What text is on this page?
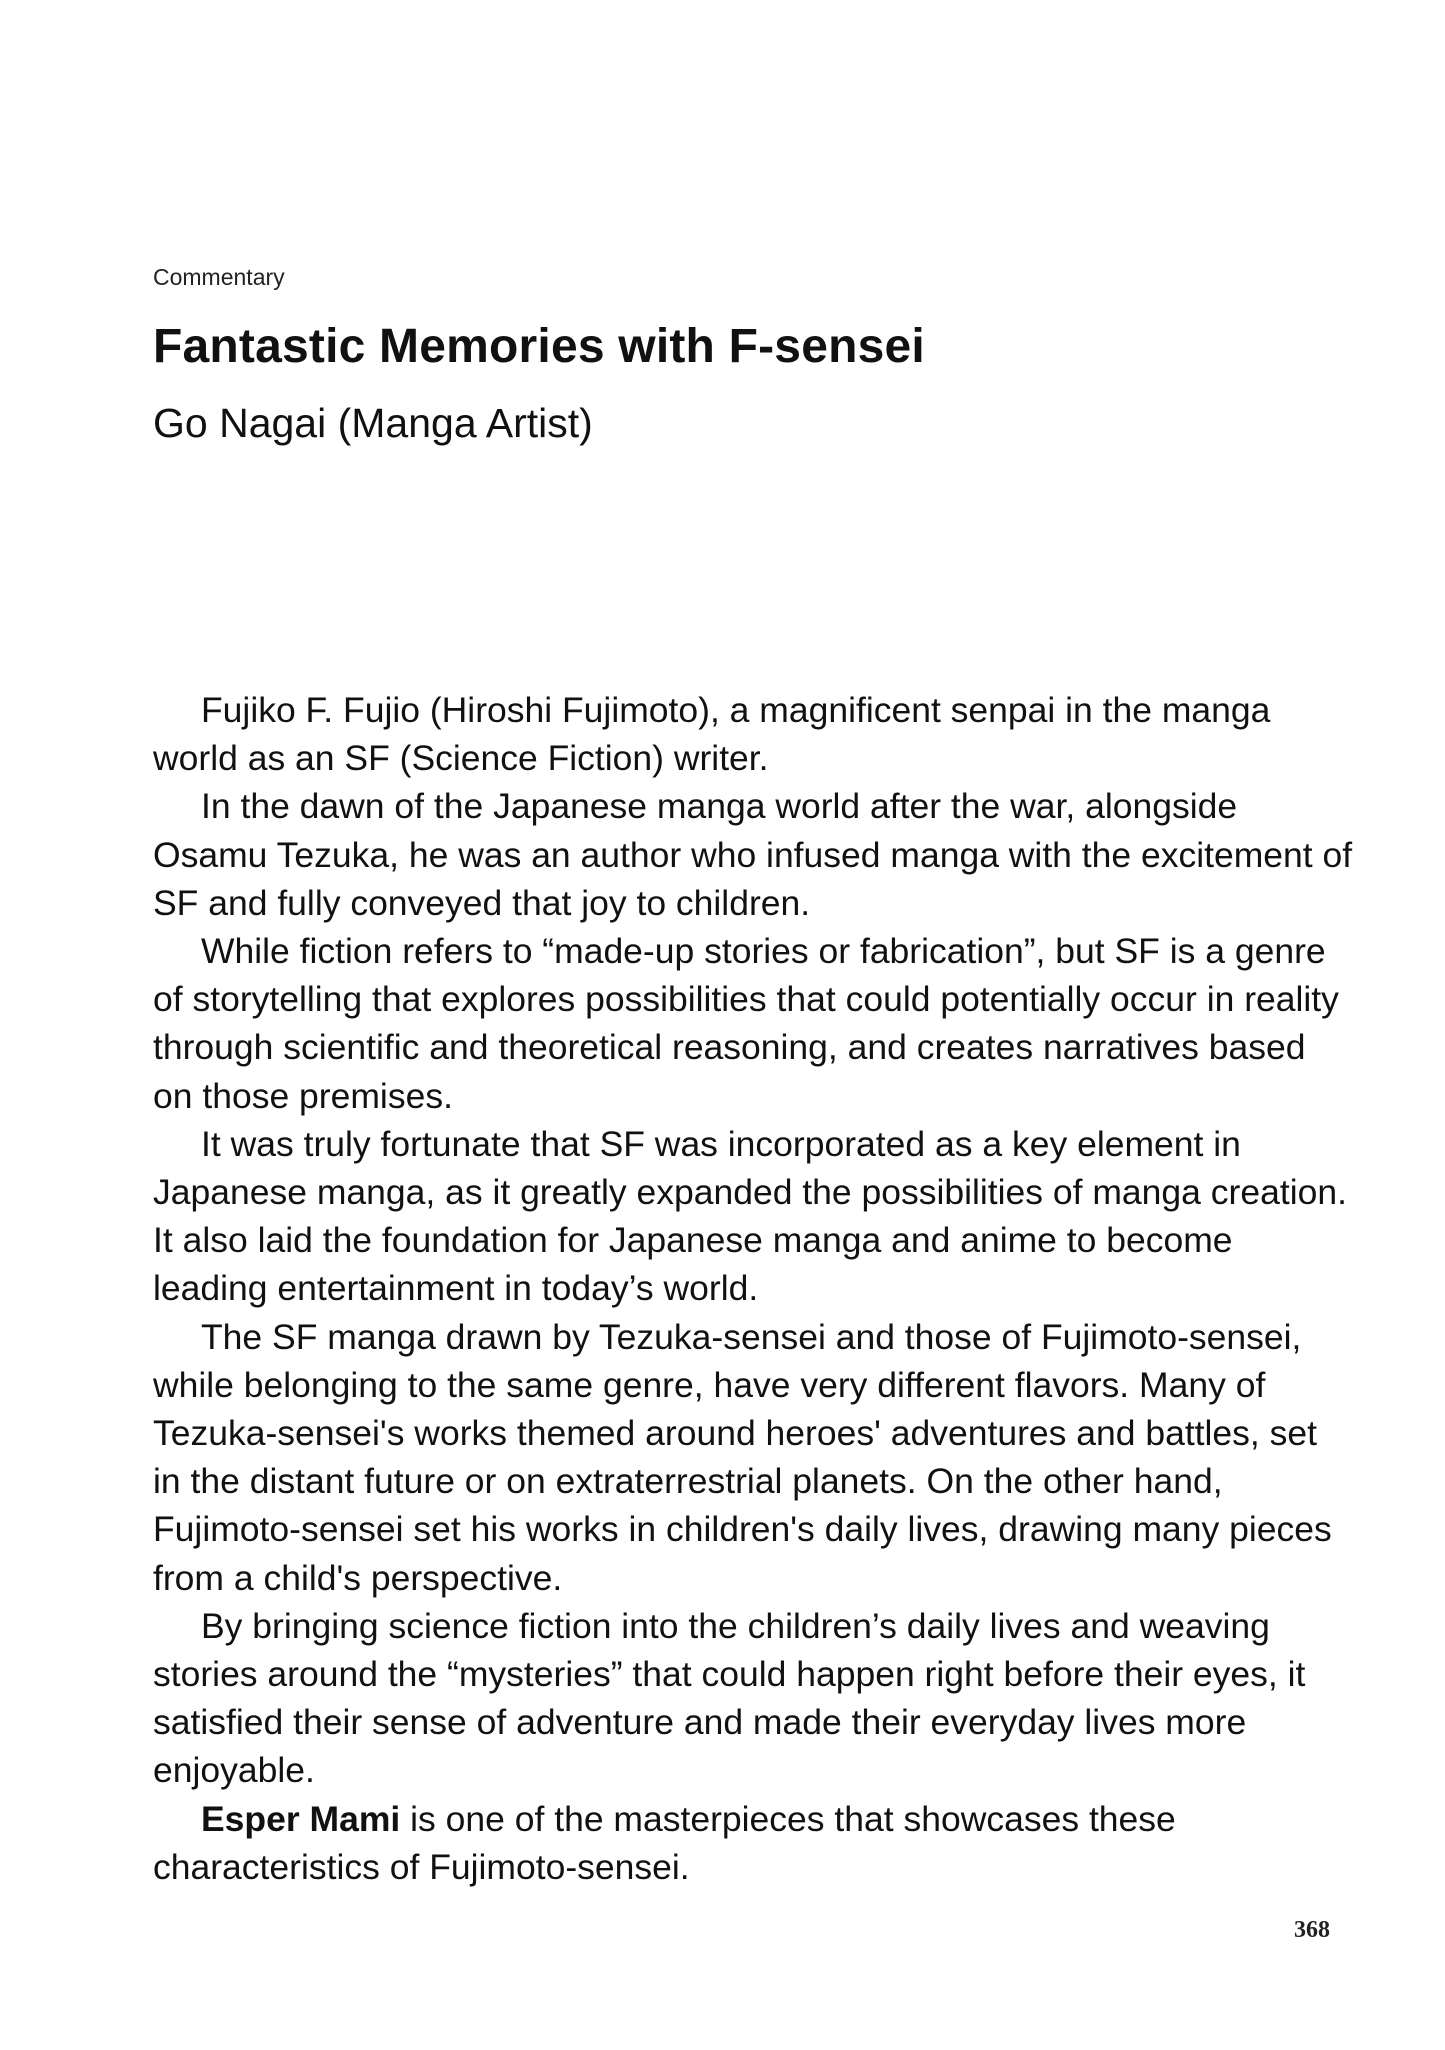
Commentary
Fantastic Memories with F-sensei
Go Nagai (Manga Artist)

Fujiko F. Fujio (Hiroshi Fujimoto), a magnificent senpai in the manga world as an SF (Science Fiction) writer.

In the dawn of the Japanese manga world after the war, alongside Osamu Tezuka, he was an author who infused manga with the excitement of SF and fully conveyed that joy to children.

While fiction refers to “made-up stories or fabrication”, but SF is a genre of storytelling that explores possibilities that could potentially occur in reality through scientific and theoretical reasoning, and creates narratives based on those premises.

It was truly fortunate that SF was incorporated as a key element in Japanese manga, as it greatly expanded the possibilities of manga creation. It also laid the foundation for Japanese manga and anime to become leading entertainment in today’s world.

The SF manga drawn by Tezuka-sensei and those of Fujimoto-sensei, while belonging to the same genre, have very different flavors. Many of Tezuka-sensei's works themed around heroes' adventures and battles, set in the distant future or on extraterrestrial planets. On the other hand, Fujimoto-sensei set his works in children's daily lives, drawing many pieces from a child's perspective.

By bringing science fiction into the children’s daily lives and weaving stories around the “mysteries” that could happen right before their eyes, it satisfied their sense of adventure and made their everyday lives more enjoyable.

Esper Mami is one of the masterpieces that showcases these characteristics of Fujimoto-sensei.

368
